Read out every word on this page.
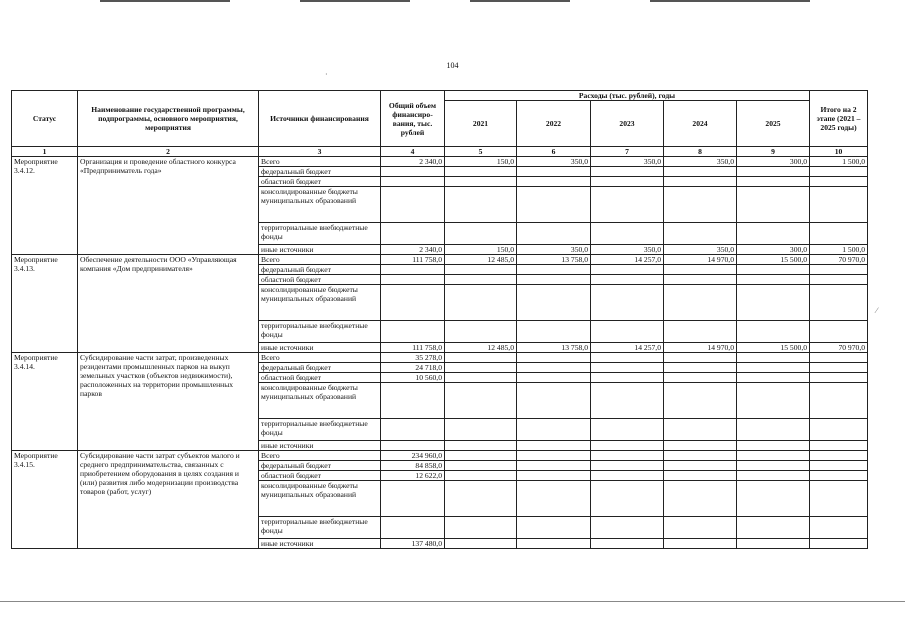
104
·
⁄
Статус	Наименование государственной программы, подпрограммы, основного мероприятия, мероприятия	Источники финансирования	Общий объем финансиро-вания, тыс. рублей	Расходы (тыс. рублей), годы					Итого на 2 этапе (2021 – 2025 годы)
				2021	2022	2023	2024	2025	
1	2	3	4	5	6	7	8	9	10
Мероприятие 3.4.12.	Организация и проведение областного конкурса «Предприниматель года»	Всего	2 340,0	150,0	350,0	350,0	350,0	300,0	1 500,0
		федеральный бюджет							
		областной бюджет							
		консолидированные бюджеты муниципальных образований							
		территориальные внебюджетные фонды							
		иные источники	2 340,0	150,0	350,0	350,0	350,0	300,0	1 500,0
Мероприятие 3.4.13.	Обеспечение деятельности ООО «Управляющая компания «Дом предпринимателя»	Всего	111 758,0	12 485,0	13 758,0	14 257,0	14 970,0	15 500,0	70 970,0
		федеральный бюджет							
		областной бюджет							
		консолидированные бюджеты муниципальных образований							
		территориальные внебюджетные фонды							
		иные источники	111 758,0	12 485,0	13 758,0	14 257,0	14 970,0	15 500,0	70 970,0
Мероприятие 3.4.14.	Субсидирование части затрат, произведенных резидентами промышленных парков на выкуп земельных участков (объектов недвижимости), расположенных на территории промышленных парков	Всего	35 278,0						
		федеральный бюджет	24 718,0						
		областной бюджет	10 560,0						
		консолидированные бюджеты муниципальных образований							
		территориальные внебюджетные фонды							
		иные источники							
Мероприятие 3.4.15.	Субсидирование части затрат субъектов малого и среднего предпринимательства, связанных с приобретением оборудования в целях создания и (или) развития либо модернизации производства товаров (работ, услуг)	Всего	234 960,0						
		федеральный бюджет	84 858,0						
		областной бюджет	12 622,0						
		консолидированные бюджеты муниципальных образований							
		территориальные внебюджетные фонды							
		иные источники	137 480,0						
